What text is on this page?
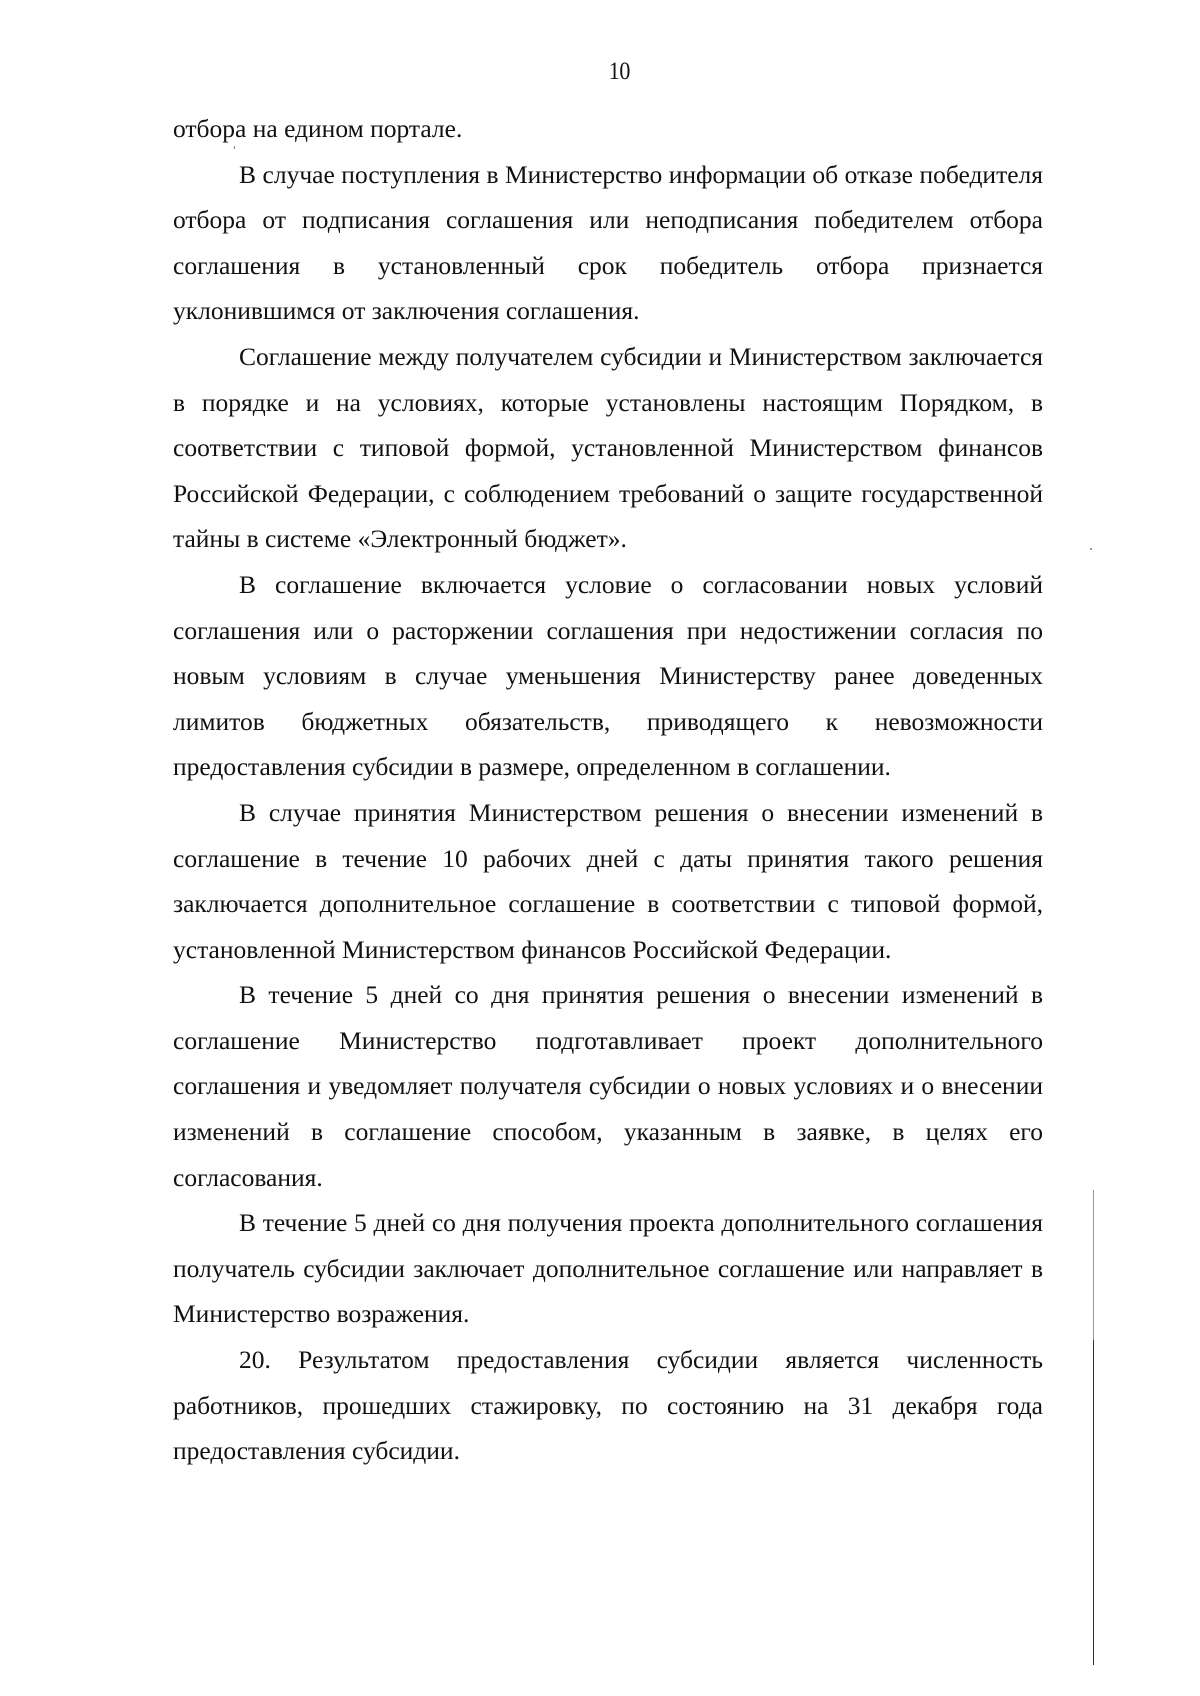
10

отбора на едином портале.

В случае поступления в Министерство информации об отказе победителя отбора от подписания соглашения или неподписания победителем отбора соглашения в установленный срок победитель отбора признается уклонившимся от заключения соглашения.

Соглашение между получателем субсидии и Министерством заключается в порядке и на условиях, которые установлены настоящим Порядком, в соответствии с типовой формой, установленной Министерством финансов Российской Федерации, с соблюдением требований о защите государственной тайны в системе «Электронный бюджет».

В соглашение включается условие о согласовании новых условий соглашения или о расторжении соглашения при недостижении согласия по новым условиям в случае уменьшения Министерству ранее доведенных лимитов бюджетных обязательств, приводящего к невозможности предоставления субсидии в размере, определенном в соглашении.

В случае принятия Министерством решения о внесении изменений в соглашение в течение 10 рабочих дней с даты принятия такого решения заключается дополнительное соглашение в соответствии с типовой формой, установленной Министерством финансов Российской Федерации.

В течение 5 дней со дня принятия решения о внесении изменений в соглашение Министерство подготавливает проект дополнительного соглашения и уведомляет получателя субсидии о новых условиях и о внесении изменений в соглашение способом, указанным в заявке, в целях его согласования.

В течение 5 дней со дня получения проекта дополнительного соглашения получатель субсидии заключает дополнительное соглашение или направляет в Министерство возражения.

20. Результатом предоставления субсидии является численность работников, прошедших стажировку, по состоянию на 31 декабря года предоставления субсидии.
